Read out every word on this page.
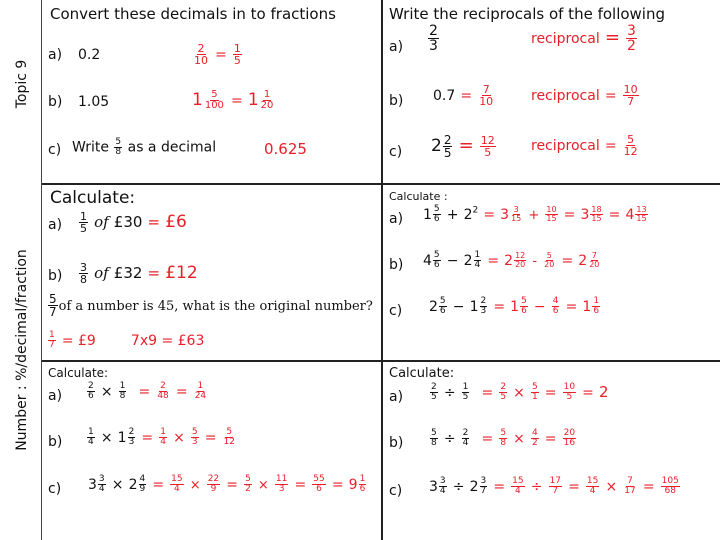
Topic 9
Number : %/decimal/fraction
Convert these decimals in to fractions
a) 0.2	$\frac{2}{10} = \frac{1}{5}$
b) 1.05	$1 \frac{5}{100} = 1 \frac{1}{20}$
c) Write $\frac{5}{8}$ as a decimal	0.625
Write the reciprocals of the following
$a) \frac{2}{3}$	reciprocal = $\frac{3}{2}$
b) $0.7 = \frac{7}{10}$	reciprocal = $\frac{10}{7}$
c) $2 \frac{2}{5} = \frac{12}{5}$	reciprocal = $\frac{5}{12}$
Calculate:
$a) \frac{1}{5}$ of £30 = £6
$b) \frac{3}{8}$ of £32 = £12
$\frac{5}{7}$ of a number is 45, what is the original number?
$\frac{1}{7}$ = £9	7x9 = £63
Calculate :
a) $1 \frac{5}{6} + 2^2 = 3 \frac{3}{15} + \frac{10}{15} = 3 \frac{18}{15} = 4 \frac{13}{15}$
b) $4 \frac{5}{6} - 2 \frac{1}{4} = 2 \frac{12}{20} - \frac{5}{20} = 2 \frac{7}{20}$
c) $2 \frac{5}{6} - 1 \frac{2}{3} = 1 \frac{5}{6} - \frac{4}{6} = 1 \frac{1}{6}$
Calculate:
a)	$\frac{2}{6} \times \frac{1}{8} = \frac{2}{48} = \frac{1}{24}$
b)	$\frac{1}{4} \times 1 \frac{2}{3} = \frac{1}{4} \times \frac{5}{3} = \frac{5}{12}$
c) $3 \frac{3}{4} \times 2 \frac{4}{9} = \frac{15}{4} \times \frac{22}{9} = \frac{5}{2} \times \frac{11}{3} = \frac{55}{6} = 9 \frac{1}{6}$
Calculate:
a)	$\frac{2}{5} \div \frac{1}{5} = \frac{2}{5} \times \frac{5}{1} = \frac{10}{5} = 2$
b)	$\frac{5}{8} \div \frac{2}{4} = \frac{5}{8} \times \frac{4}{2} = \frac{20}{16}$
c) $3 \frac{3}{4} \div 2 \frac{3}{7} = \frac{15}{4} \div \frac{17}{7} = \frac{15}{4} \times \frac{7}{17} = \frac{105}{68}$
